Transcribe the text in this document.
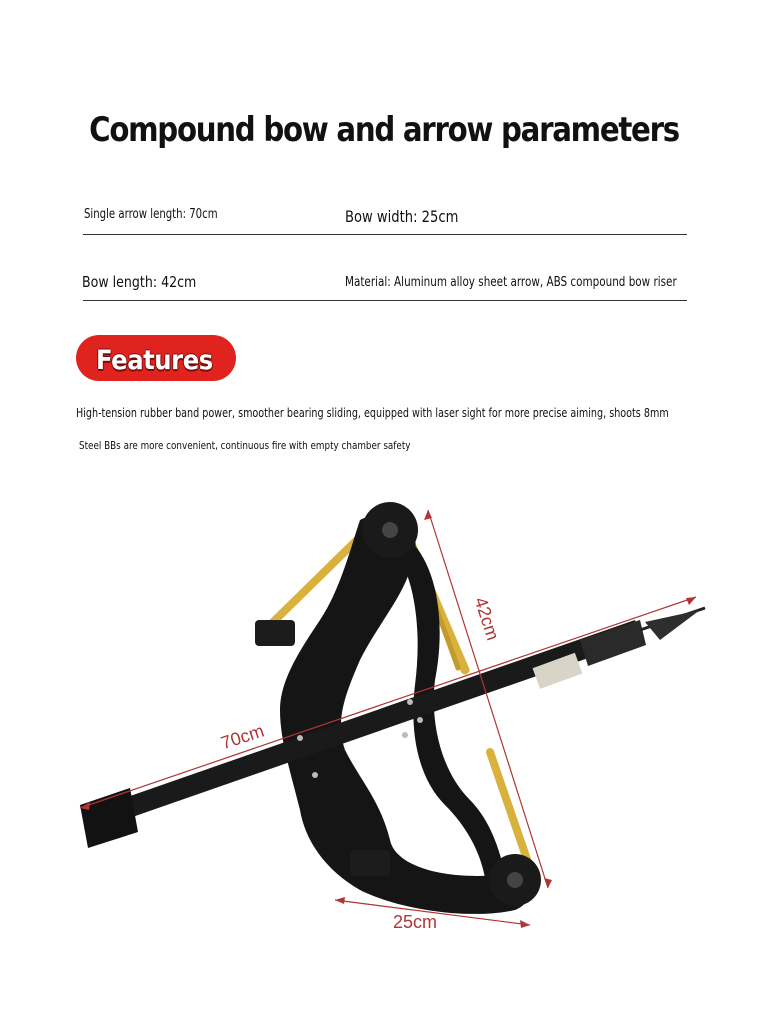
Compound bow and arrow parameters
Single arrow length: 70cm	Bow width: 25cm
Bow length: 42cm	Material: Aluminum alloy sheet arrow, ABS compound bow riser
Features
High-tension rubber band power, smoother bearing sliding, equipped with laser sight for more precise aiming, shoots 8mm
Steel BBs are more convenient, continuous fire with empty chamber safety
42cm
70cm
25cm
